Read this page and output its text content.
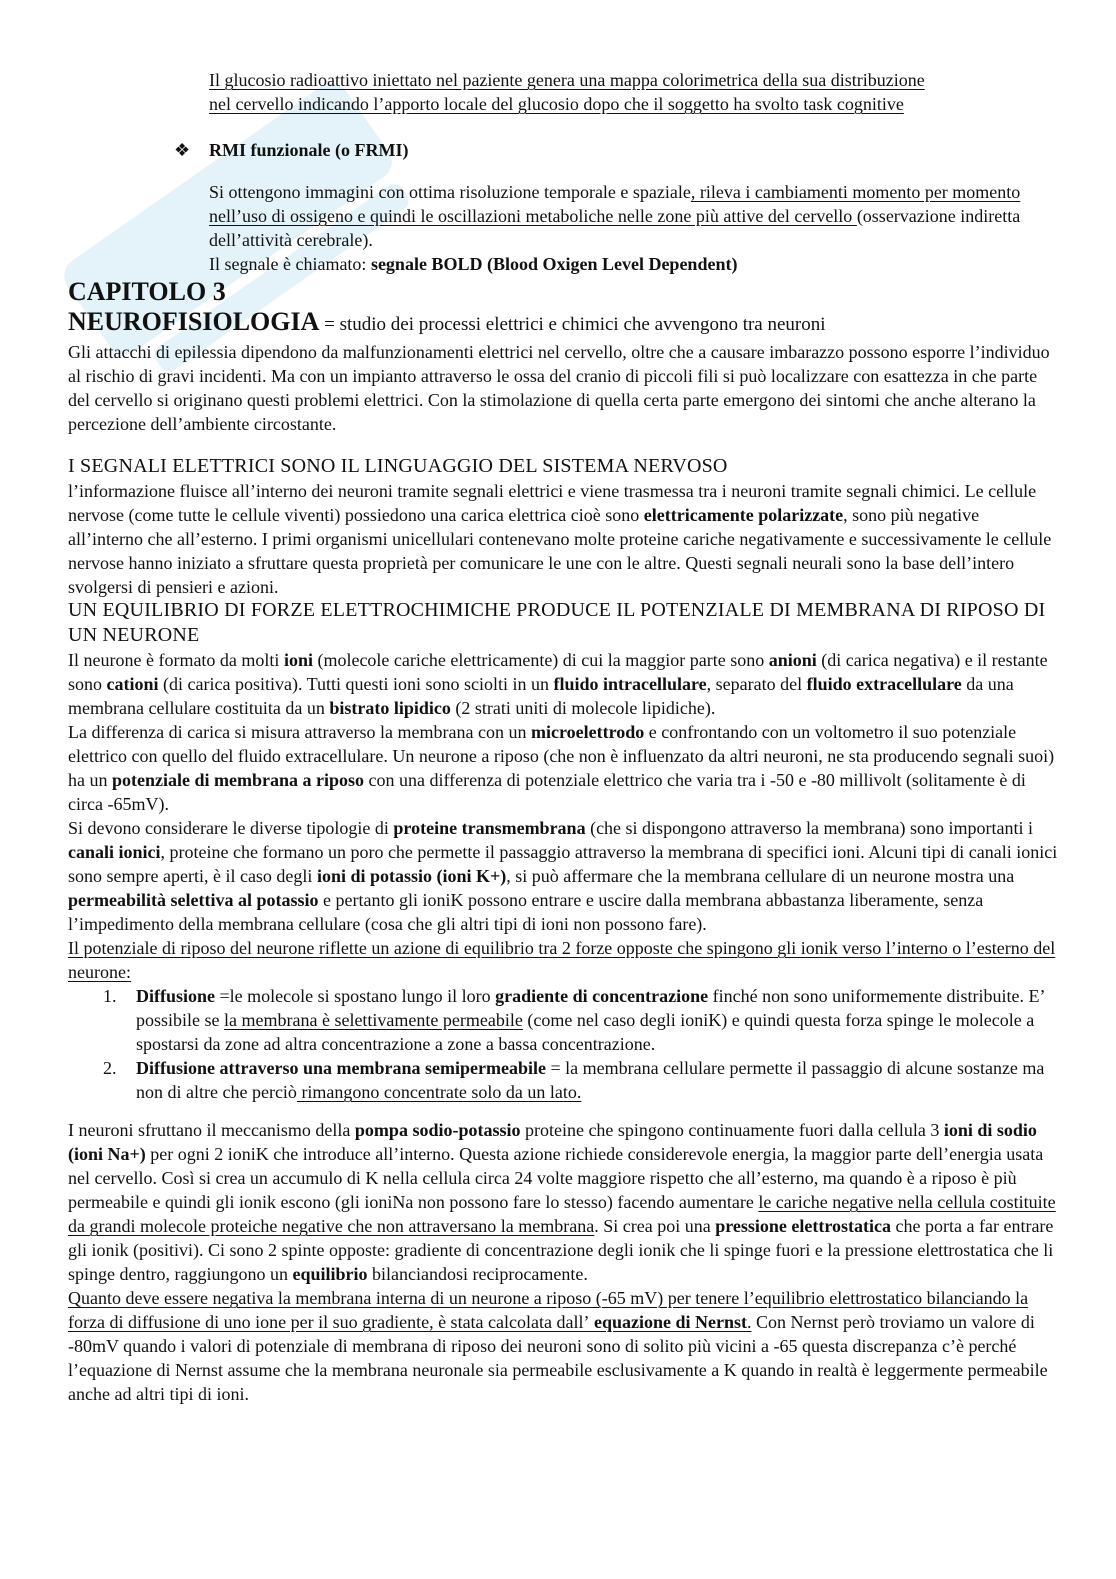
Il glucosio radioattivo iniettato nel paziente genera una mappa colorimetrica della sua distribuzione
nel cervello indicando l’apporto locale del glucosio dopo che il soggetto ha svolto task cognitive
❖ RMI funzionale (o FRMI)

Si ottengono immagini con ottima risoluzione temporale e spaziale, rileva i cambiamenti momento per momento nell’uso di ossigeno e quindi le oscillazioni metaboliche nelle zone più attive del cervello (osservazione indiretta dell’attività cerebrale).

Il segnale è chiamato: segnale BOLD (Blood Oxigen Level Dependent)

CAPITOLO 3
NEUROFISIOLOGIA = studio dei processi elettrici e chimici che avvengono tra neuroni

Gli attacchi di epilessia dipendono da malfunzionamenti elettrici nel cervello, oltre che a causare imbarazzo possono esporre l’individuo al rischio di gravi incidenti. Ma con un impianto attraverso le ossa del cranio di piccoli fili si può localizzare con esattezza in che parte del cervello si originano questi problemi elettrici. Con la stimolazione di quella certa parte emergono dei sintomi che anche alterano la percezione dell’ambiente circostante.

I SEGNALI ELETTRICI SONO IL LINGUAGGIO DEL SISTEMA NERVOSO

l’informazione fluisce all’interno dei neuroni tramite segnali elettrici e viene trasmessa tra i neuroni tramite segnali chimici. Le cellule nervose (come tutte le cellule viventi) possiedono una carica elettrica cioè sono elettricamente polarizzate, sono più negative all’interno che all’esterno. I primi organismi unicellulari contenevano molte proteine cariche negativamente e successivamente le cellule nervose hanno iniziato a sfruttare questa proprietà per comunicare le une con le altre. Questi segnali neurali sono la base dell’intero svolgersi di pensieri e azioni.

UN EQUILIBRIO DI FORZE ELETTROCHIMICHE PRODUCE IL POTENZIALE DI MEMBRANA DI RIPOSO DI UN NEURONE

Il neurone è formato da molti ioni (molecole cariche elettricamente) di cui la maggior parte sono anioni (di carica negativa) e il restante sono cationi (di carica positiva). Tutti questi ioni sono sciolti in un fluido intracellulare, separato del fluido extracellulare da una membrana cellulare costituita da un bistrato lipidico (2 strati uniti di molecole lipidiche).

La differenza di carica si misura attraverso la membrana con un microelettrodo e confrontando con un voltometro il suo potenziale elettrico con quello del fluido extracellulare. Un neurone a riposo (che non è influenzato da altri neuroni, ne sta producendo segnali suoi) ha un potenziale di membrana a riposo con una differenza di potenziale elettrico che varia tra i -50 e -80 millivolt (solitamente è di circa -65mV).

Si devono considerare le diverse tipologie di proteine transmembrana (che si dispongono attraverso la membrana) sono importanti i canali ionici, proteine che formano un poro che permette il passaggio attraverso la membrana di specifici ioni. Alcuni tipi di canali ionici sono sempre aperti, è il caso degli ioni di potassio (ioni K+), si può affermare che la membrana cellulare di un neurone mostra una permeabilità selettiva al potassio e pertanto gli ioniK possono entrare e uscire dalla membrana abbastanza liberamente, senza l’impedimento della membrana cellulare (cosa che gli altri tipi di ioni non possono fare).

Il potenziale di riposo del neurone riflette un azione di equilibrio tra 2 forze opposte che spingono gli ionik verso l’interno o l’esterno del neurone:

1. Diffusione =le molecole si spostano lungo il loro gradiente di concentrazione finché non sono uniformemente distribuite. E’ possibile se la membrana è selettivamente permeabile (come nel caso degli ioniK) e quindi questa forza spinge le molecole a spostarsi da zone ad altra concentrazione a zone a bassa concentrazione.
2. Diffusione attraverso una membrana semipermeabile = la membrana cellulare permette il passaggio di alcune sostanze ma non di altre che perciò rimangono concentrate solo da un lato.

I neuroni sfruttano il meccanismo della pompa sodio-potassio proteine che spingono continuamente fuori dalla cellula 3 ioni di sodio (ioni Na+) per ogni 2 ioniK che introduce all’interno. Questa azione richiede considerevole energia, la maggior parte dell’energia usata nel cervello. Così si crea un accumulo di K nella cellula circa 24 volte maggiore rispetto che all’esterno, ma quando è a riposo è più permeabile e quindi gli ionik escono (gli ioniNa non possono fare lo stesso) facendo aumentare le cariche negative nella cellula costituite da grandi molecole proteiche negative che non attraversano la membrana. Si crea poi una pressione elettrostatica che porta a far entrare gli ionik (positivi). Ci sono 2 spinte opposte: gradiente di concentrazione degli ionik che li spinge fuori e la pressione elettrostatica che li spinge dentro, raggiungono un equilibrio bilanciandosi reciprocamente.

Quanto deve essere negativa la membrana interna di un neurone a riposo (-65 mV) per tenere l’equilibrio elettrostatico bilanciando la forza di diffusione di uno ione per il suo gradiente, è stata calcolata dall’ equazione di Nernst. Con Nernst però troviamo un valore di -80mV quando i valori di potenziale di membrana di riposo dei neuroni sono di solito più vicini a -65 questa discrepanza c’è perché l’equazione di Nernst assume che la membrana neuronale sia permeabile esclusivamente a K quando in realtà è leggermente permeabile anche ad altri tipi di ioni.
